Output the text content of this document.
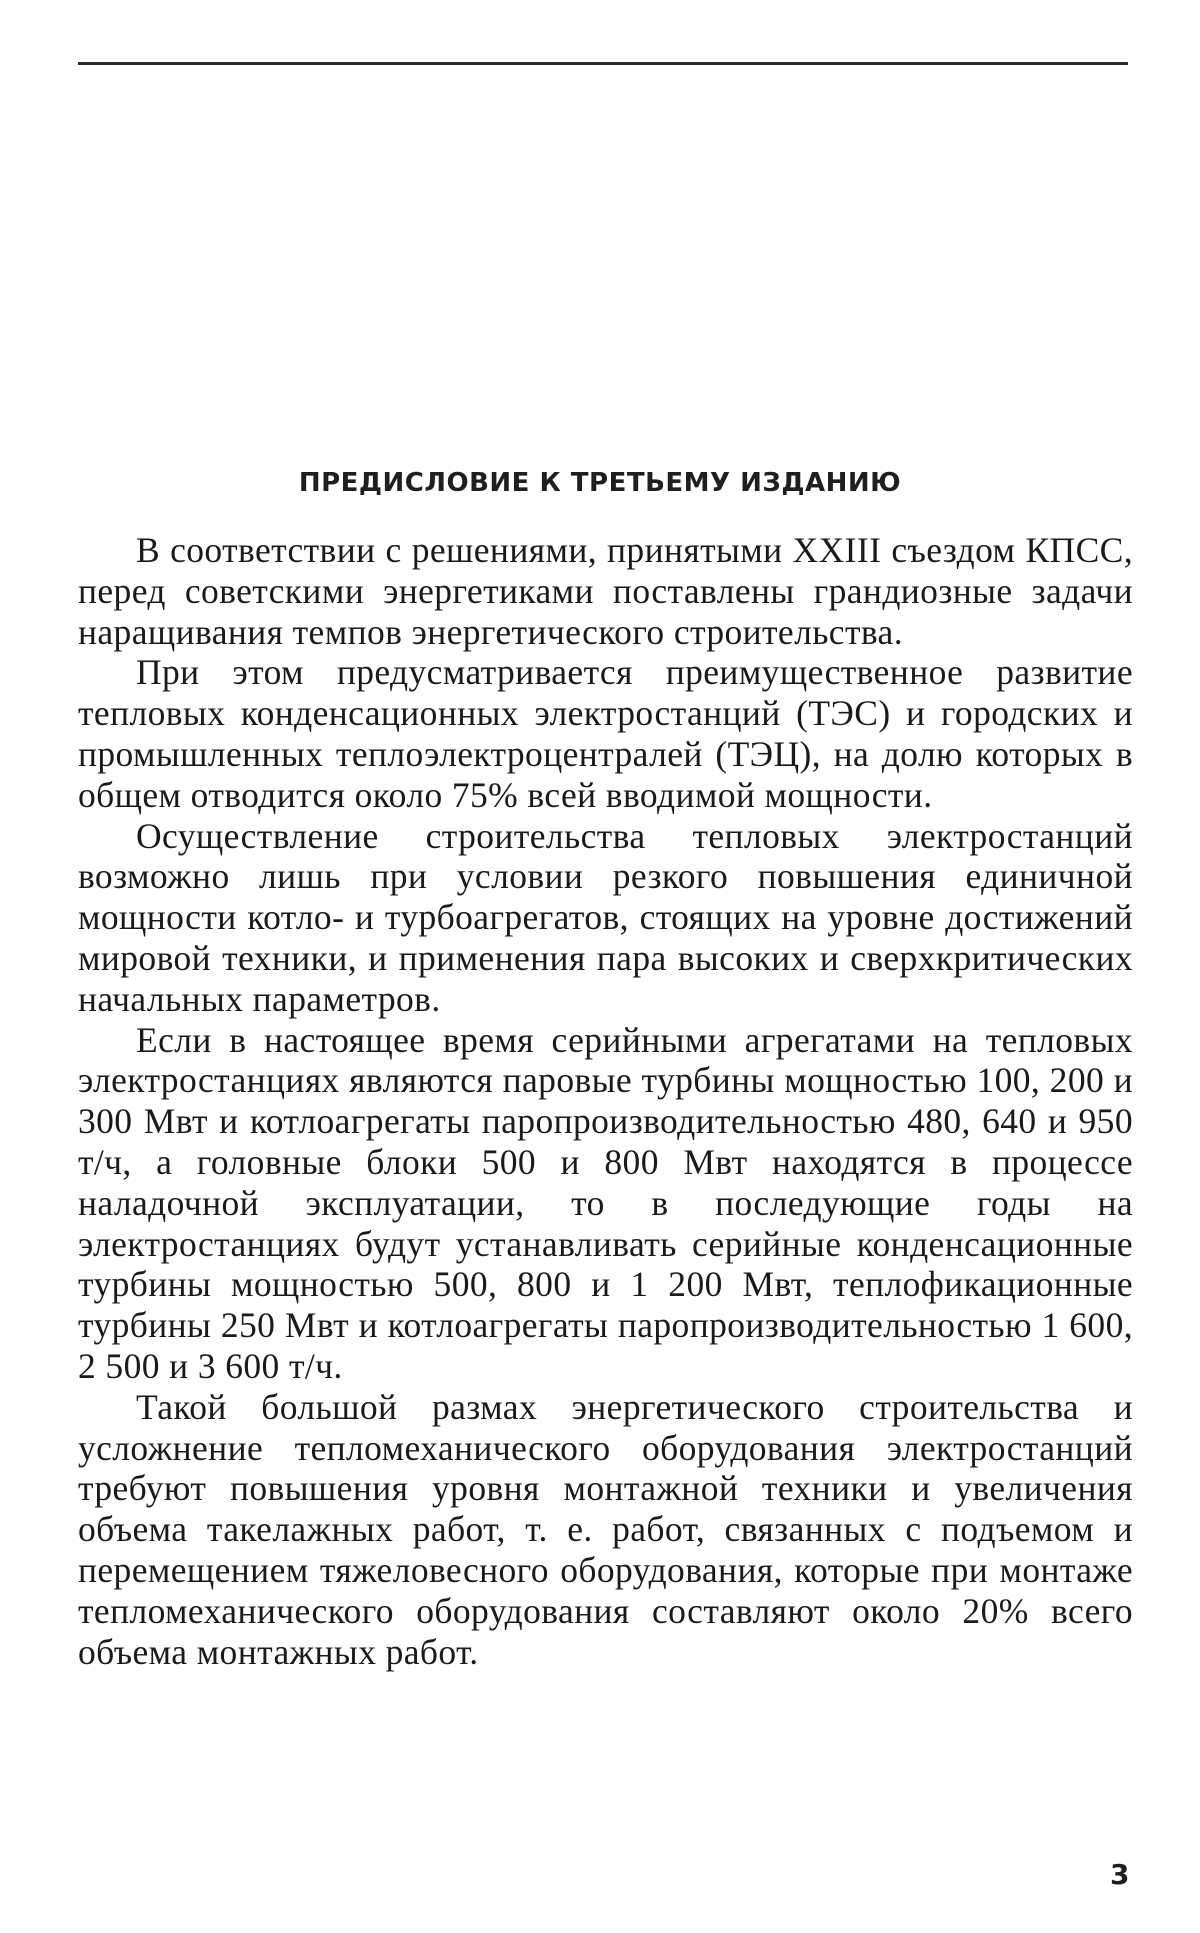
ПРЕДИСЛОВИЕ К ТРЕТЬЕМУ ИЗДАНИЮ

В соответствии с решениями, принятыми XXIII съездом КПСС, перед советскими энергетиками поставлены грандиозные задачи наращивания темпов энергетического строительства.

При этом предусматривается преимущественное развитие тепловых конденсационных электростанций (ТЭС) и городских и промышленных теплоэлектроцентралей (ТЭЦ), на долю которых в общем отводится около 75% всей вводимой мощности.

Осуществление строительства тепловых электростанций возможно лишь при условии резкого повышения единичной мощности котло- и турбоагрегатов, стоящих на уровне достижений мировой техники, и применения пара высоких и сверхкритических начальных параметров.

Если в настоящее время серийными агрегатами на тепловых электростанциях являются паровые турбины мощностью 100, 200 и 300 Мвт и котлоагрегаты паропроизводительностью 480, 640 и 950 т/ч, а головные блоки 500 и 800 Мвт находятся в процессе наладочной эксплуатации, то в последующие годы на электростанциях будут устанавливать серийные конденсационные турбины мощностью 500, 800 и 1 200 Мвт, теплофикационные турбины 250 Мвт и котлоагрегаты паропроизводительностью 1 600, 2 500 и 3 600 т/ч.

Такой большой размах энергетического строительства и усложнение тепломеханического оборудования электростанций требуют повышения уровня монтажной техники и увеличения объема такелажных работ, т. е. работ, связанных с подъемом и перемещением тяжеловесного оборудования, которые при монтаже тепломеханического оборудования составляют около 20% всего объема монтажных работ.

3
